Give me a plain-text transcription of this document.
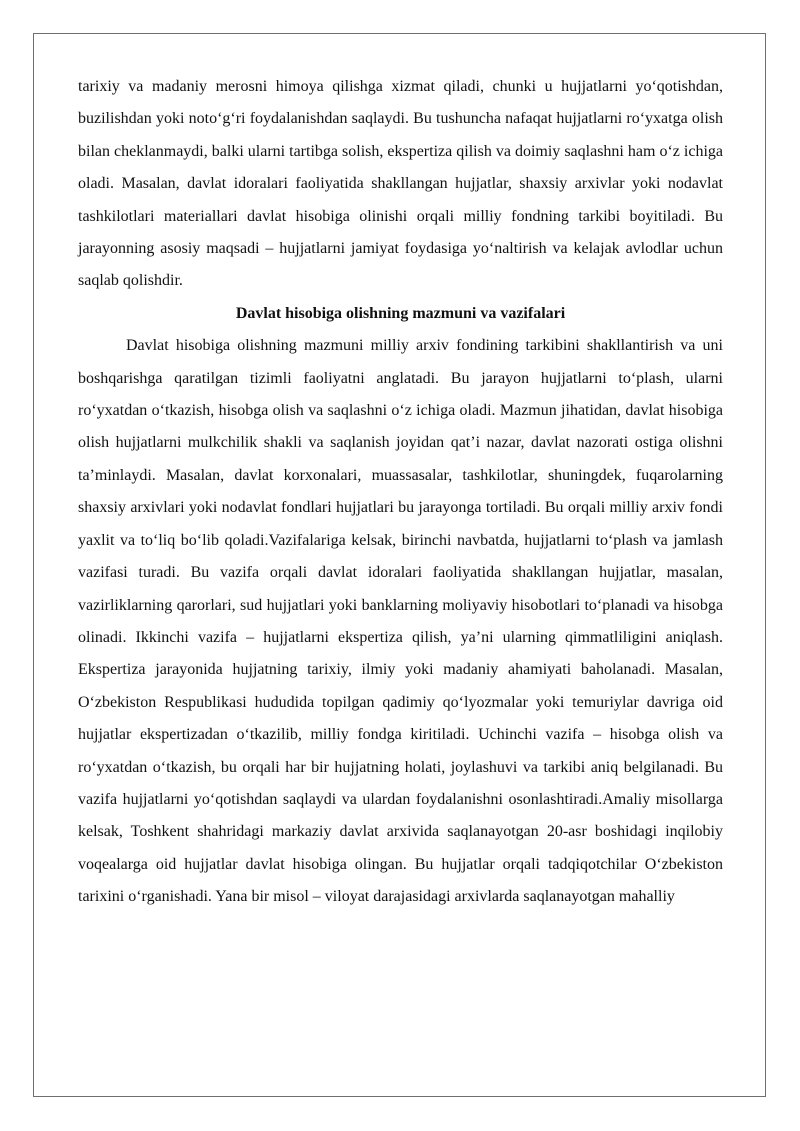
tarixiy va madaniy merosni himoya qilishga xizmat qiladi, chunki u hujjatlarni yo‘qotishdan, buzilishdan yoki noto‘g‘ri foydalanishdan saqlaydi. Bu tushuncha nafaqat hujjatlarni ro‘yxatga olish bilan cheklanmaydi, balki ularni tartibga solish, ekspertiza qilish va doimiy saqlashni ham o‘z ichiga oladi. Masalan, davlat idoralari faoliyatida shakllangan hujjatlar, shaxsiy arxivlar yoki nodavlat tashkilotlari materiallari davlat hisobiga olinishi orqali milliy fondning tarkibi boyitiladi. Bu jarayonning asosiy maqsadi – hujjatlarni jamiyat foydasiga yo‘naltirish va kelajak avlodlar uchun saqlab qolishdir.

Davlat hisobiga olishning mazmuni va vazifalari

Davlat hisobiga olishning mazmuni milliy arxiv fondining tarkibini shakllantirish va uni boshqarishga qaratilgan tizimli faoliyatni anglatadi. Bu jarayon hujjatlarni to‘plash, ularni ro‘yxatdan o‘tkazish, hisobga olish va saqlashni o‘z ichiga oladi. Mazmun jihatidan, davlat hisobiga olish hujjatlarni mulkchilik shakli va saqlanish joyidan qat’i nazar, davlat nazorati ostiga olishni ta’minlaydi. Masalan, davlat korxonalari, muassasalar, tashkilotlar, shuningdek, fuqarolarning shaxsiy arxivlari yoki nodavlat fondlari hujjatlari bu jarayonga tortiladi. Bu orqali milliy arxiv fondi yaxlit va to‘liq bo‘lib qoladi.Vazifalariga kelsak, birinchi navbatda, hujjatlarni to‘plash va jamlash vazifasi turadi. Bu vazifa orqali davlat idoralari faoliyatida shakllangan hujjatlar, masalan, vazirliklarning qarorlari, sud hujjatlari yoki banklarning moliyaviy hisobotlari to‘planadi va hisobga olinadi. Ikkinchi vazifa – hujjatlarni ekspertiza qilish, ya’ni ularning qimmatliligini aniqlash. Ekspertiza jarayonida hujjatning tarixiy, ilmiy yoki madaniy ahamiyati baholanadi. Masalan, O‘zbekiston Respublikasi hududida topilgan qadimiy qo‘lyozmalar yoki temuriylar davriga oid hujjatlar ekspertizadan o‘tkazilib, milliy fondga kiritiladi. Uchinchi vazifa – hisobga olish va ro‘yxatdan o‘tkazish, bu orqali har bir hujjatning holati, joylashuvi va tarkibi aniq belgilanadi. Bu vazifa hujjatlarni yo‘qotishdan saqlaydi va ulardan foydalanishni osonlashtiradi.Amaliy misollarga kelsak, Toshkent shahridagi markaziy davlat arxivida saqlanayotgan 20-asr boshidagi inqilobiy voqealarga oid hujjatlar davlat hisobiga olingan. Bu hujjatlar orqali tadqiqotchilar O‘zbekiston tarixini o‘rganishadi. Yana bir misol – viloyat darajasidagi arxivlarda saqlanayotgan mahalliy
